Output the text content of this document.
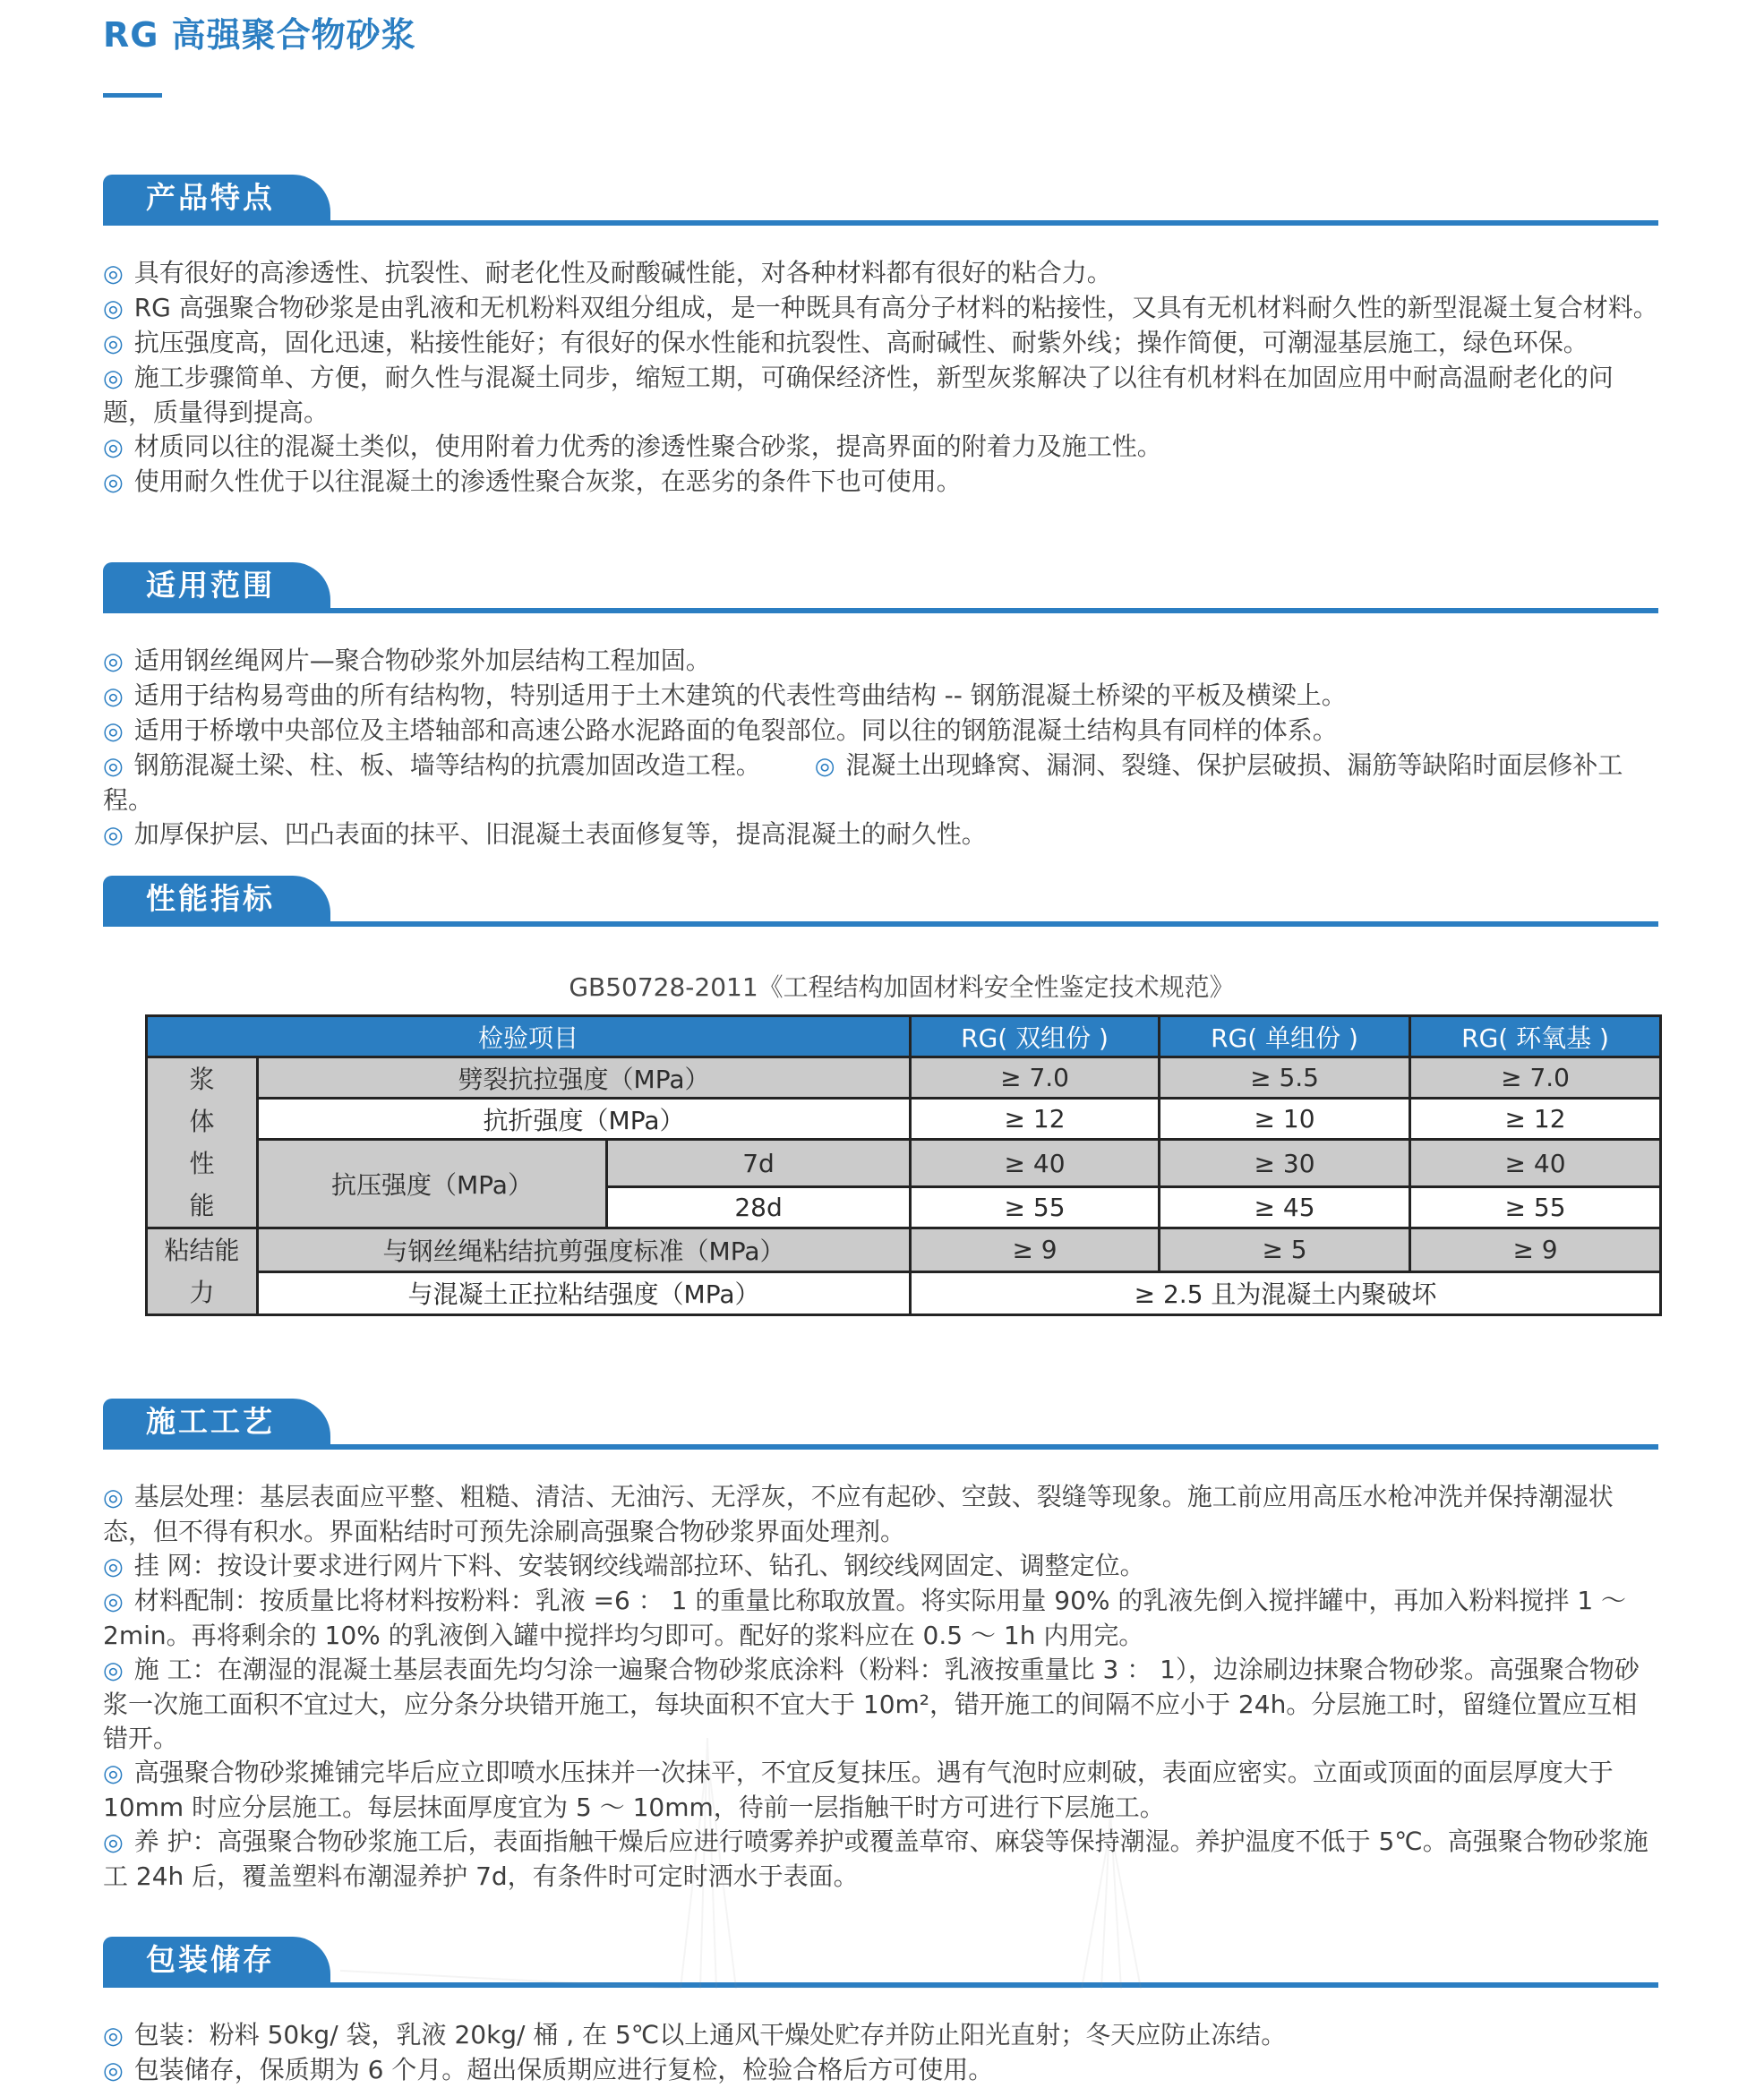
RG 高强聚合物砂浆
产品特点

◎ 具有很好的高渗透性、抗裂性、耐老化性及耐酸碱性能，对各种材料都有很好的粘合力。

◎ RG 高强聚合物砂浆是由乳液和无机粉料双组分组成，是一种既具有高分子材料的粘接性，又具有无机材料耐久性的新型混凝土复合材料。

◎ 抗压强度高，固化迅速，粘接性能好；有很好的保水性能和抗裂性、高耐碱性、耐紫外线；操作简便，可潮湿基层施工，绿色环保。

◎ 施工步骤简单、方便，耐久性与混凝土同步，缩短工期，可确保经济性，新型灰浆解决了以往有机材料在加固应用中耐高温耐老化的问题，质量得到提高。

◎ 材质同以往的混凝土类似，使用附着力优秀的渗透性聚合砂浆，提高界面的附着力及施工性。

◎ 使用耐久性优于以往混凝土的渗透性聚合灰浆，在恶劣的条件下也可使用。

适用范围

◎ 适用钢丝绳网片—聚合物砂浆外加层结构工程加固。

◎ 适用于结构易弯曲的所有结构物，特别适用于土木建筑的代表性弯曲结构 -- 钢筋混凝土桥梁的平板及横梁上。

◎ 适用于桥墩中央部位及主塔轴部和高速公路水泥路面的龟裂部位。同以往的钢筋混凝土结构具有同样的体系。

◎ 钢筋混凝土梁、柱、板、墙等结构的抗震加固改造工程。 ◎ 混凝土出现蜂窝、漏洞、裂缝、保护层破损、漏筋等缺陷时面层修补工程。

◎ 加厚保护层、凹凸表面的抹平、旧混凝土表面修复等，提高混凝土的耐久性。

性能指标
GB50728-2011《工程结构加固材料安全性鉴定技术规范》
检验项目			RG( 双组份 )	RG( 单组份 )	RG( 环氧基 )

浆
体
性
能	劈裂抗拉强度（MPa）		≥ 7.0	≥ 5.5	≥ 7.0
	抗折强度（MPa）		≥ 12	≥ 10	≥ 12
	抗压强度（MPa）	7d	≥ 40	≥ 30	≥ 40
		28d	≥ 55	≥ 45	≥ 55

粘结能
力	与钢丝绳粘结抗剪强度标准（MPa）		≥ 9	≥ 5	≥ 9
	与混凝土正拉粘结强度（MPa）		≥ 2.5 且为混凝土内聚破坏		
施工工艺

◎ 基层处理：基层表面应平整、粗糙、清洁、无油污、无浮灰，不应有起砂、空鼓、裂缝等现象。施工前应用高压水枪冲洗并保持潮湿状态，但不得有积水。界面粘结时可预先涂刷高强聚合物砂浆界面处理剂。

◎ 挂 网：按设计要求进行网片下料、安装钢绞线端部拉环、钻孔、钢绞线网固定、调整定位。

◎ 材料配制：按质量比将材料按粉料：乳液 =6 ： 1 的重量比称取放置。将实际用量 90% 的乳液先倒入搅拌罐中，再加入粉料搅拌 1 ～ 2min。再将剩余的 10% 的乳液倒入罐中搅拌均匀即可。配好的浆料应在 0.5 ～ 1h 内用完。

◎ 施 工：在潮湿的混凝土基层表面先均匀涂一遍聚合物砂浆底涂料（粉料：乳液按重量比 3 ： 1），边涂刷边抹聚合物砂浆。高强聚合物砂浆一次施工面积不宜过大，应分条分块错开施工，每块面积不宜大于 10m²，错开施工的间隔不应小于 24h。分层施工时，留缝位置应互相错开。

◎ 高强聚合物砂浆摊铺完毕后应立即喷水压抹并一次抹平，不宜反复抹压。遇有气泡时应刺破，表面应密实。立面或顶面的面层厚度大于 10mm 时应分层施工。每层抹面厚度宜为 5 ～ 10mm，待前一层指触干时方可进行下层施工。

◎ 养 护：高强聚合物砂浆施工后，表面指触干燥后应进行喷雾养护或覆盖草帘、麻袋等保持潮湿。养护温度不低于 5℃。高强聚合物砂浆施工 24h 后，覆盖塑料布潮湿养护 7d，有条件时可定时洒水于表面。

包装储存

◎ 包装：粉料 50kg/ 袋，乳液 20kg/ 桶 , 在 5℃以上通风干燥处贮存并防止阳光直射；冬天应防止冻结。

◎ 包装储存，保质期为 6 个月。超出保质期应进行复检，检验合格后方可使用。
